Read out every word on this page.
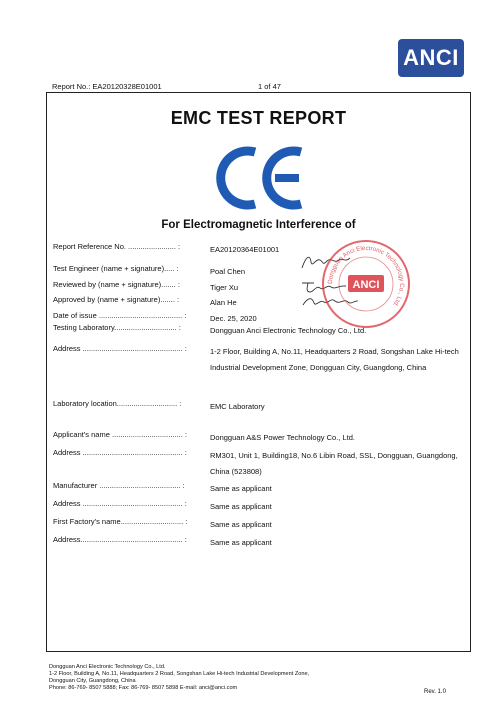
ANCI
Report No.: EA20120328E01001	1 of 47
EMC TEST REPORT
For Electromagnetic Interference of
Report Reference No. ....................... :	EA20120364E01001
Test Engineer (name + signature)..... :	Poal Chen
Reviewed by (name + signature)....... :	Tiger Xu
Approved by (name + signature)....... :	Alan He
Date of issue ........................................ :	Dec. 25, 2020
Testing Laboratory.............................. :	Dongguan Anci Electronic Technology Co., Ltd.
Address ................................................ :	1-2 Floor, Building A, No.11, Headquarters 2 Road, Songshan Lake Hi-tech Industrial Development Zone, Dongguan City, Guangdong, China
Laboratory location............................. :	EMC Laboratory
Applicant's name .................................. :	Dongguan A&S Power Technology Co., Ltd.
Address ................................................ :	RM301, Unit 1, Building18, No.6 Libin Road, SSL, Dongguan, Guangdong, China (523808)
Manufacturer ....................................... :	Same as applicant
Address ................................................ :	Same as applicant
First Factory's name.............................. :	Same as applicant
Address................................................. :	Same as applicant
Dongguan Anci Electronic Technology Co., Ltd.
ANCI
Dongguan Anci Electronic Technology Co., Ltd.
1-2 Floor, Building A, No.11, Headquarters 2 Road, Songshan Lake Hi-tech Industrial Development Zone,
Dongguan City, Guangdong, China
Phone: 86-769- 8507 5888; Fax: 86-769- 8507 5898 E-mail: anci@anci.com
Rev. 1.0
